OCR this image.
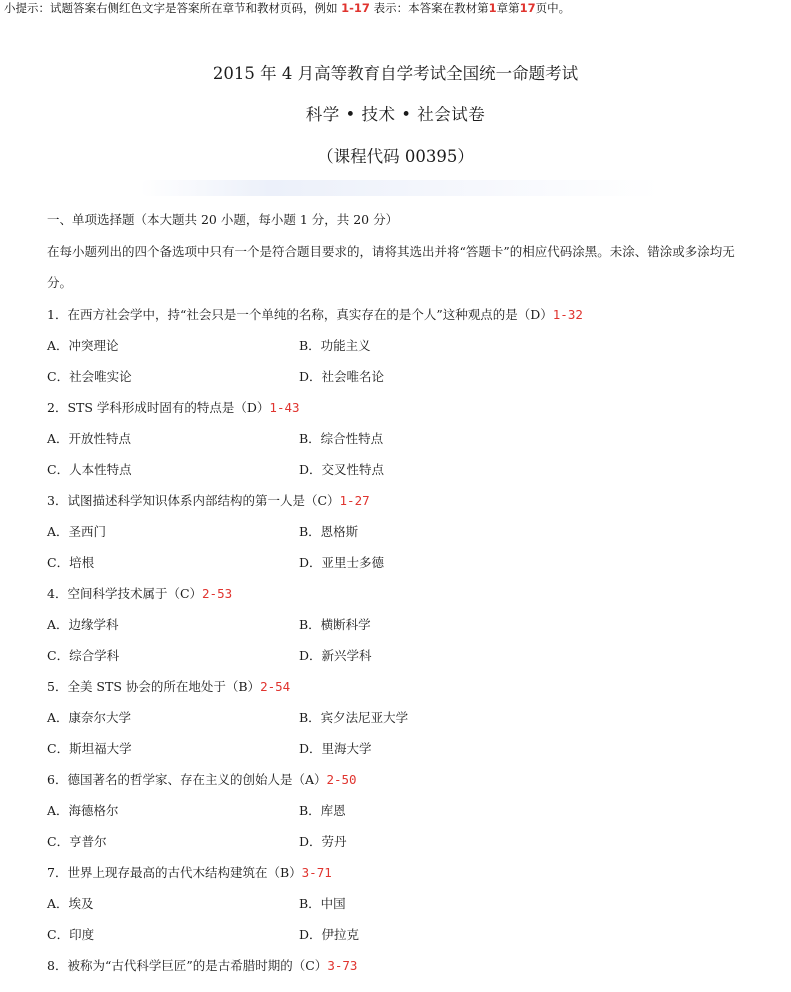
小提示：试题答案右侧红色文字是答案所在章节和教材页码，例如 1-17 表示：本答案在教材第1章第17页中。
2015 年 4 月高等教育自学考试全国统一命题考试
科学 • 技术 • 社会试卷
（课程代码 00395）
一、单项选择题（本大题共 20 小题，每小题 1 分，共 20 分）
在每小题列出的四个备选项中只有一个是符合题目要求的，请将其选出并将“答题卡”的相应代码涂黑。未涂、错涂或多涂均无分。
1．在西方社会学中，持“社会只是一个单纯的名称，真实存在的是个人”这种观点的是（D）1-32
A．冲突理论	B．功能主义
C．社会唯实论	D．社会唯名论
2．STS 学科形成时固有的特点是（D）1-43
A．开放性特点	B．综合性特点
C．人本性特点	D．交叉性特点
3．试图描述科学知识体系内部结构的第一人是（C）1-27
A．圣西门	B．恩格斯
C．培根	D．亚里士多德
4．空间科学技术属于（C）2-53
A．边缘学科	B．横断科学
C．综合学科	D．新兴学科
5．全美 STS 协会的所在地处于（B）2-54
A．康奈尔大学	B．宾夕法尼亚大学
C．斯坦福大学	D．里海大学
6．德国著名的哲学家、存在主义的创始人是（A）2-50
A．海德格尔	B．库恩
C．亨普尔	D．劳丹
7．世界上现存最高的古代木结构建筑在（B）3-71
A．埃及	B．中国
C．印度	D．伊拉克
8．被称为“古代科学巨匠”的是古希腊时期的（C）3-73
